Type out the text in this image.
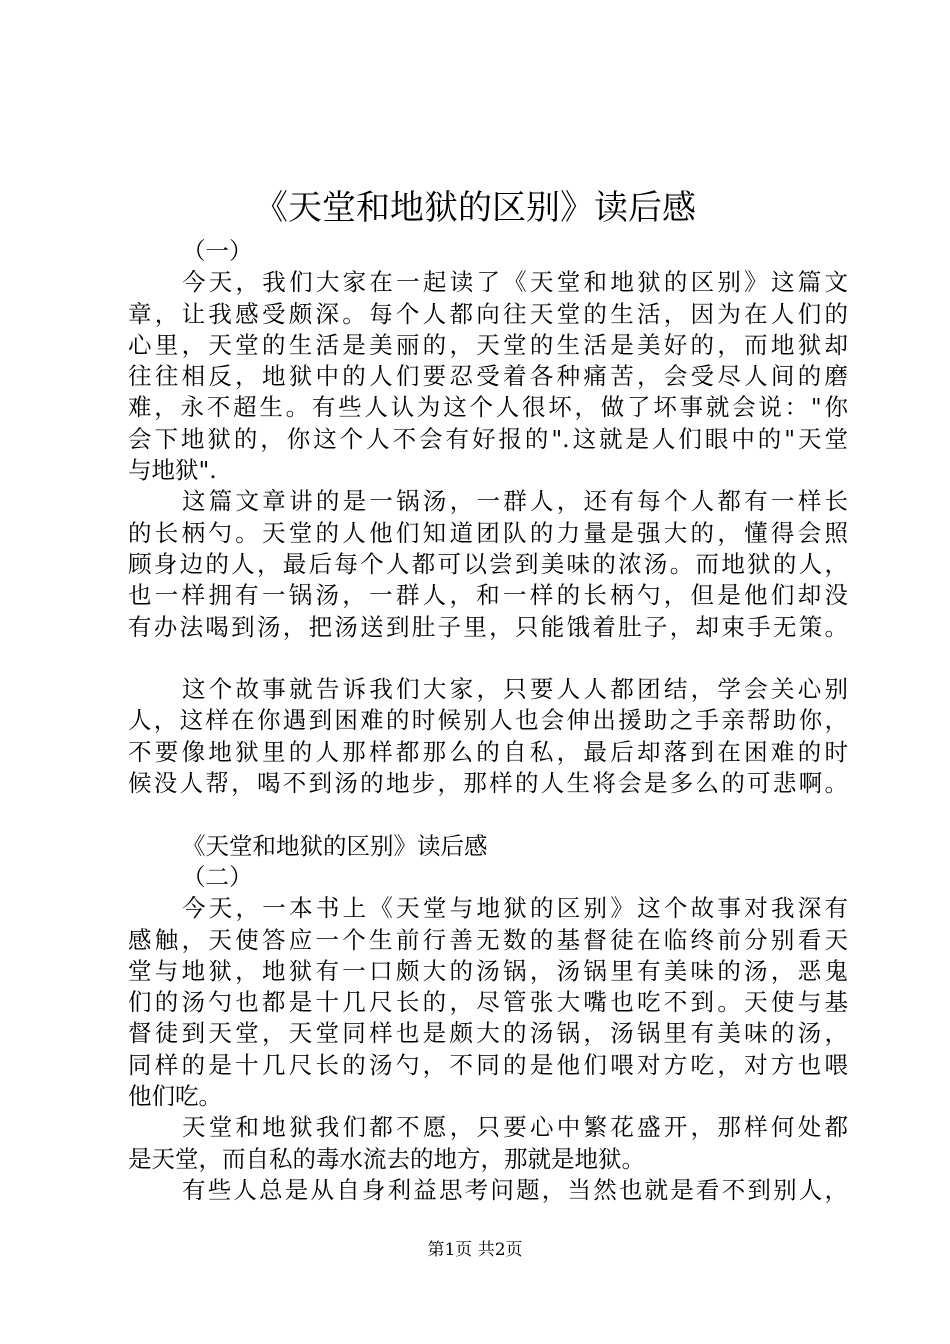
《天堂和地狱的区别》读后感
（一）
今天，我们大家在一起读了《天堂和地狱的区别》这篇文
章，让我感受颇深。每个人都向往天堂的生活，因为在人们的
心里，天堂的生活是美丽的，天堂的生活是美好的，而地狱却
往往相反，地狱中的人们要忍受着各种痛苦，会受尽人间的磨
难，永不超生。有些人认为这个人很坏，做了坏事就会说："你
会下地狱的，你这个人不会有好报的".这就是人们眼中的"天堂
与地狱".
这篇文章讲的是一锅汤，一群人，还有每个人都有一样长
的长柄勺。天堂的人他们知道团队的力量是强大的，懂得会照
顾身边的人，最后每个人都可以尝到美味的浓汤。而地狱的人，
也一样拥有一锅汤，一群人，和一样的长柄勺，但是他们却没
有办法喝到汤，把汤送到肚子里，只能饿着肚子，却束手无策。
这个故事就告诉我们大家，只要人人都团结，学会关心别
人，这样在你遇到困难的时候别人也会伸出援助之手亲帮助你，
不要像地狱里的人那样都那么的自私，最后却落到在困难的时
候没人帮，喝不到汤的地步，那样的人生将会是多么的可悲啊。
《天堂和地狱的区别》读后感
（二）
今天，一本书上《天堂与地狱的区别》这个故事对我深有
感触，天使答应一个生前行善无数的基督徒在临终前分别看天
堂与地狱，地狱有一口颇大的汤锅，汤锅里有美味的汤，恶鬼
们的汤勺也都是十几尺长的，尽管张大嘴也吃不到。天使与基
督徒到天堂，天堂同样也是颇大的汤锅，汤锅里有美味的汤，
同样的是十几尺长的汤勺，不同的是他们喂对方吃，对方也喂
他们吃。
天堂和地狱我们都不愿，只要心中繁花盛开，那样何处都
是天堂，而自私的毒水流去的地方，那就是地狱。
有些人总是从自身利益思考问题，当然也就是看不到别人，
第1页 共2页
